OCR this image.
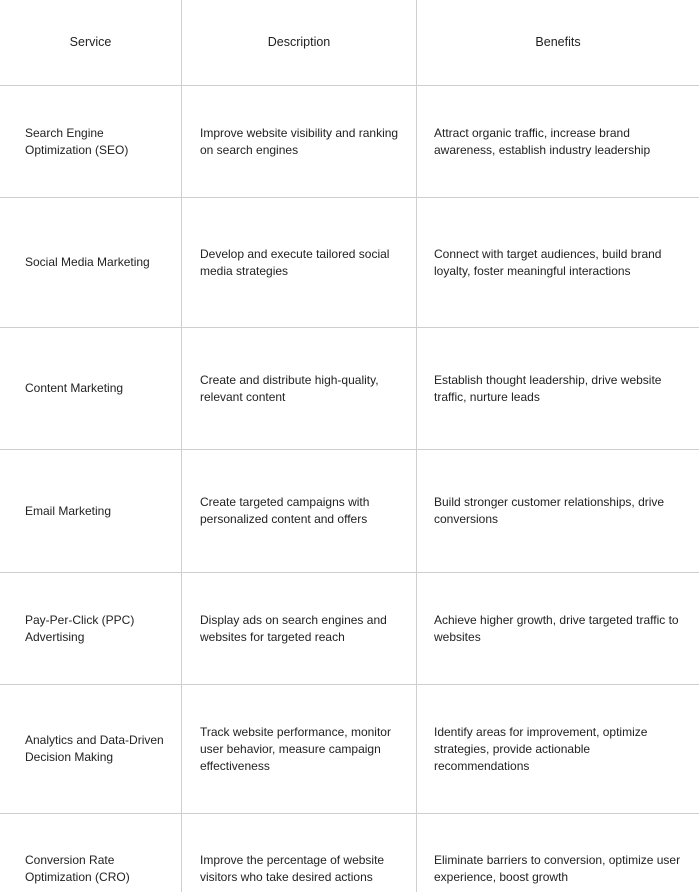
Service	Description	Benefits
Search Engine Optimization (SEO)	Improve website visibility and ranking on search engines	Attract organic traffic, increase brand awareness, establish industry leadership
Social Media Marketing	Develop and execute tailored social media strategies	Connect with target audiences, build brand loyalty, foster meaningful interactions
Content Marketing	Create and distribute high-quality, relevant content	Establish thought leadership, drive website traffic, nurture leads
Email Marketing	Create targeted campaigns with personalized content and offers	Build stronger customer relationships, drive conversions
Pay-Per-Click (PPC) Advertising	Display ads on search engines and websites for targeted reach	Achieve higher growth, drive targeted traffic to websites
Analytics and Data-Driven Decision Making	Track website performance, monitor user behavior, measure campaign effectiveness	Identify areas for improvement, optimize strategies, provide actionable recommendations
Conversion Rate Optimization (CRO)	Improve the percentage of website visitors who take desired actions	Eliminate barriers to conversion, optimize user experience, boost growth
